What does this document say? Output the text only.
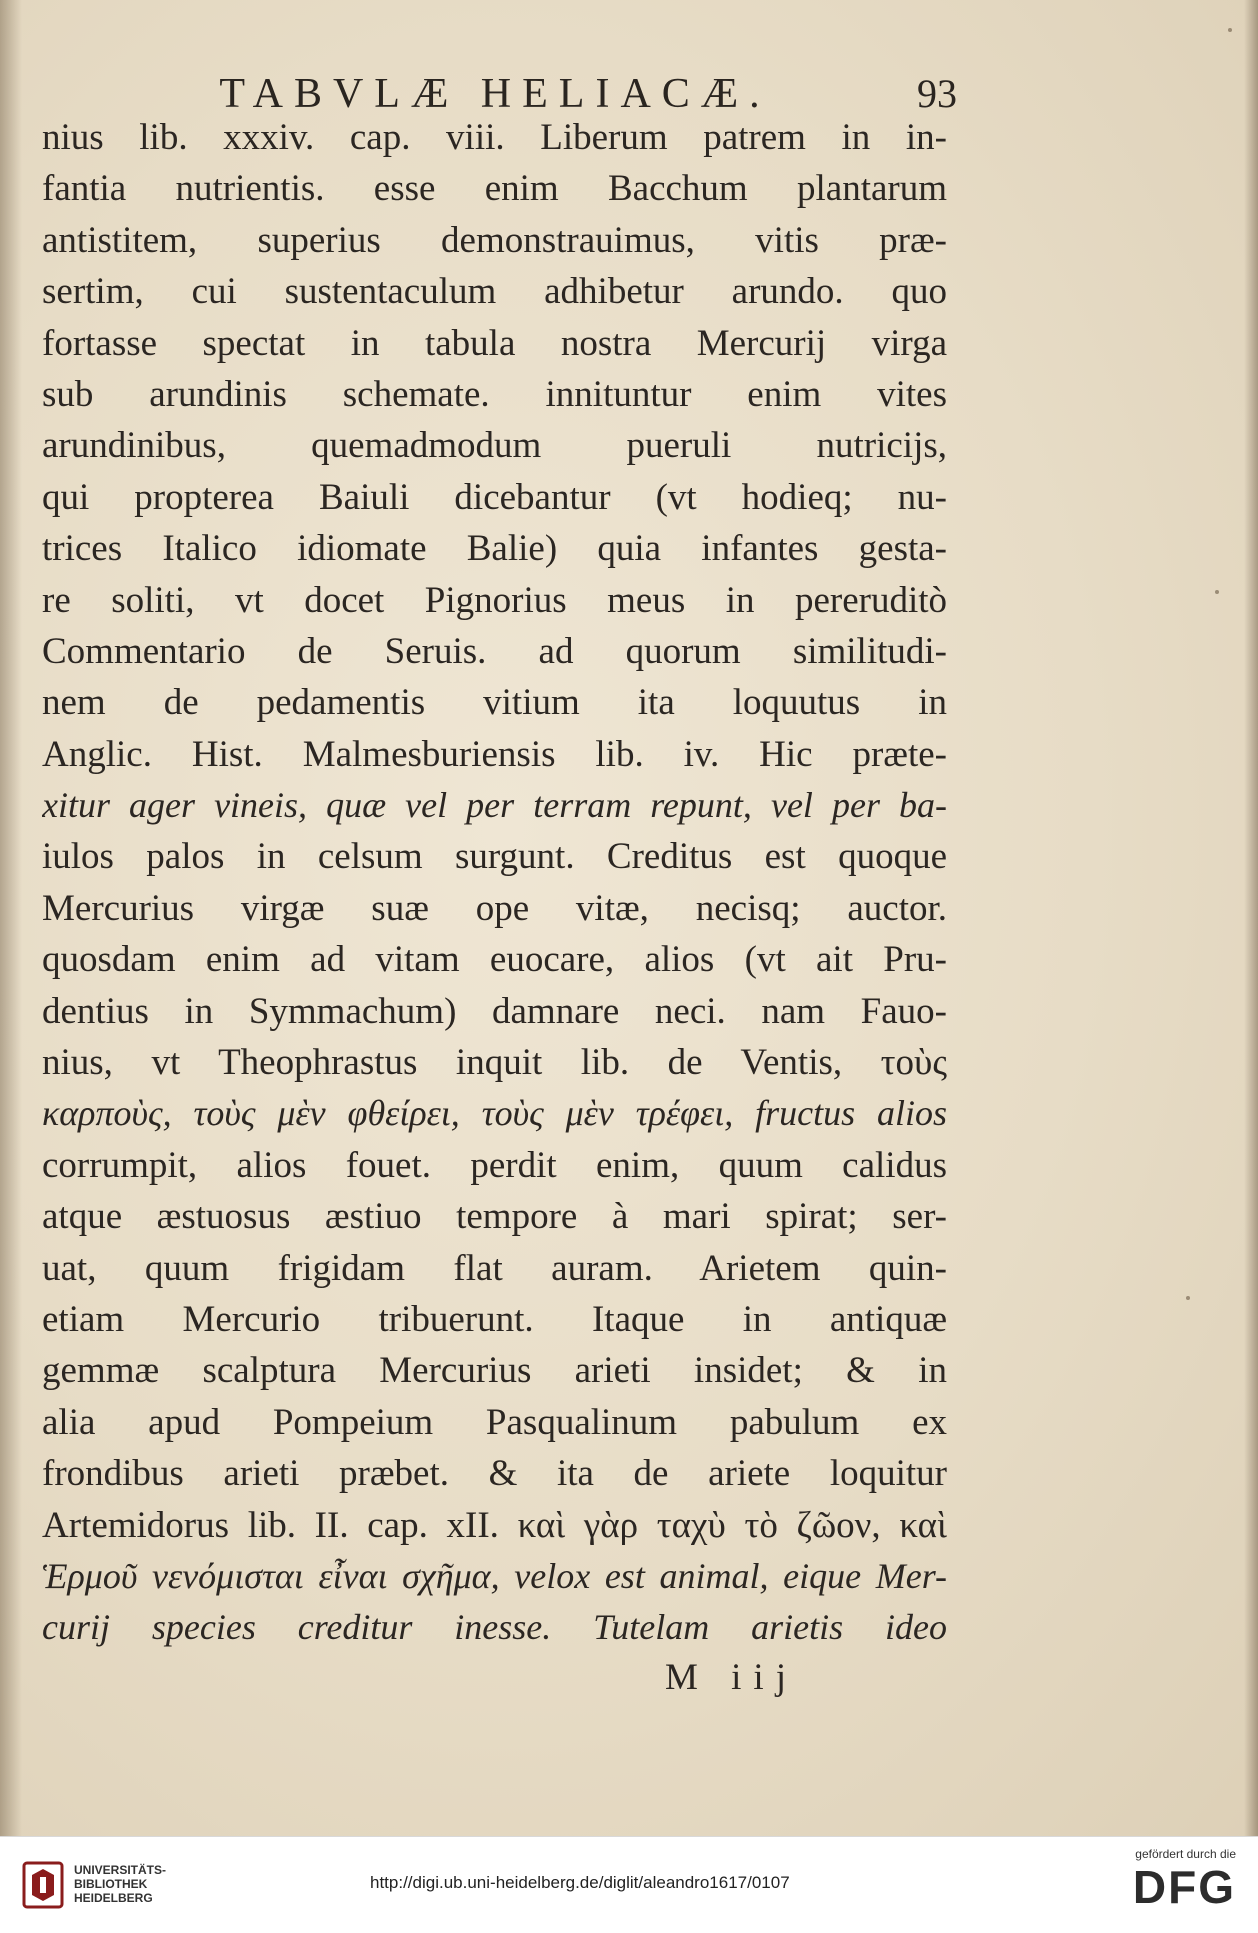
TABVLÆ HELIACÆ.	93
nius lib. xxxiv. cap. viii. Liberum patrem in in-
fantia nutrientis. esse enim Bacchum plantarum
antistitem, superius demonstrauimus, vitis præ-
sertim, cui sustentaculum adhibetur arundo. quo
fortasse spectat in tabula nostra Mercurij virga
sub arundinis schemate. innituntur enim vites
arundinibus, quemadmodum pueruli nutricijs,
qui propterea Baiuli dicebantur (vt hodieq; nu-
trices Italico idiomate Balie) quia infantes gesta-
re soliti, vt docet Pignorius meus in pereruditò
Commentario de Seruis. ad quorum similitudi-
nem de pedamentis vitium ita loquutus in
Anglic. Hist. Malmesburiensis lib. iv. Hic præte-
xitur ager vineis, quæ vel per terram repunt, vel per ba-
iulos palos in celsum surgunt. Creditus est quoque
Mercurius virgæ suæ ope vitæ, necisq; auctor.
quosdam enim ad vitam euocare, alios (vt ait Pru-
dentius in Symmachum) damnare neci. nam Fauo-
nius, vt Theophrastus inquit lib. de Ventis, τοὺς
καρποὺς, τοὺς μὲν φθείρει, τοὺς μὲν τρέφει, fructus alios
corrumpit, alios fouet. perdit enim, quum calidus
atque æstuosus æstiuo tempore à mari spirat; ser-
uat, quum frigidam flat auram. Arietem quin-
etiam Mercurio tribuerunt. Itaque in antiquæ
gemmæ scalptura Mercurius arieti insidet; & in
alia apud Pompeium Pasqualinum pabulum ex
frondibus arieti præbet. & ita de ariete loquitur
Artemidorus lib. II. cap. xII. καὶ γὰρ ταχὺ τὸ ζῶον, καὶ
Ἑρμοῦ νενόμισται εἶναι σχῆμα, velox est animal, eique Mer-
curij species creditur inesse. Tutelam arietis ideo
M iij
UNIVERSITÄTS-
BIBLIOTHEK
HEIDELBERG
http://digi.ub.uni-heidelberg.de/diglit/aleandro1617/0107
gefördert durch die
DFG
